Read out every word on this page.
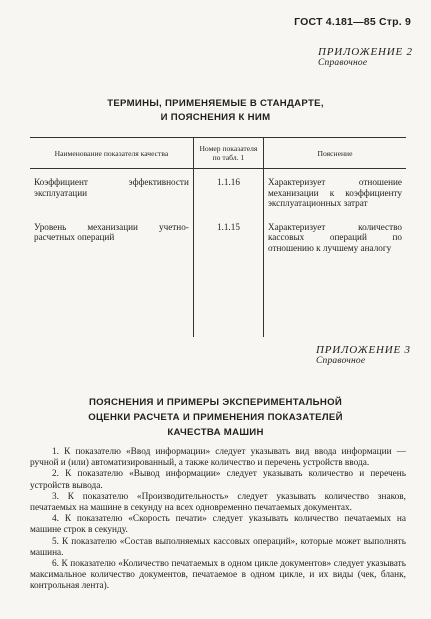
ГОСТ 4.181—85 Стр. 9
ПРИЛОЖЕНИЕ 2
Справочное
ТЕРМИНЫ, ПРИМЕНЯЕМЫЕ В СТАНДАРТЕ,
И ПОЯСНЕНИЯ К НИМ
Наименование показателя качества	Номер показателя по табл. 1	Пояснение
Коэффициент эффективности эксплуатации	1.1.16	Характеризует отношение механизации к коэффициенту эксплуатационных затрат
Уровень механизации учетно-расчетных операций	1.1.15	Характеризует количество кассовых операций по отношению к лучшему аналогу
ПРИЛОЖЕНИЕ 3
Справочное
ПОЯСНЕНИЯ И ПРИМЕРЫ ЭКСПЕРИМЕНТАЛЬНОЙ
ОЦЕНКИ РАСЧЕТА И ПРИМЕНЕНИЯ ПОКАЗАТЕЛЕЙ
КАЧЕСТВА МАШИН

1. К показателю «Ввод информации» следует указывать вид ввода информации — ручной и (или) автоматизированный, а также количество и перечень устройств ввода.

2. К показателю «Вывод информации» следует указывать количество и перечень устройств вывода.

3. К показателю «Производительность» следует указывать количество знаков, печатаемых на машине в секунду на всех одновременно печатаемых документах.

4. К показателю «Скорость печати» следует указывать количество печатаемых на машине строк в секунду.

5. К показателю «Состав выполняемых кассовых операций», которые может выполнять машина.

6. К показателю «Количество печатаемых в одном цикле документов» следует указывать максимальное количество документов, печатаемое в одном цикле, и их виды (чек, бланк, контрольная лента).
